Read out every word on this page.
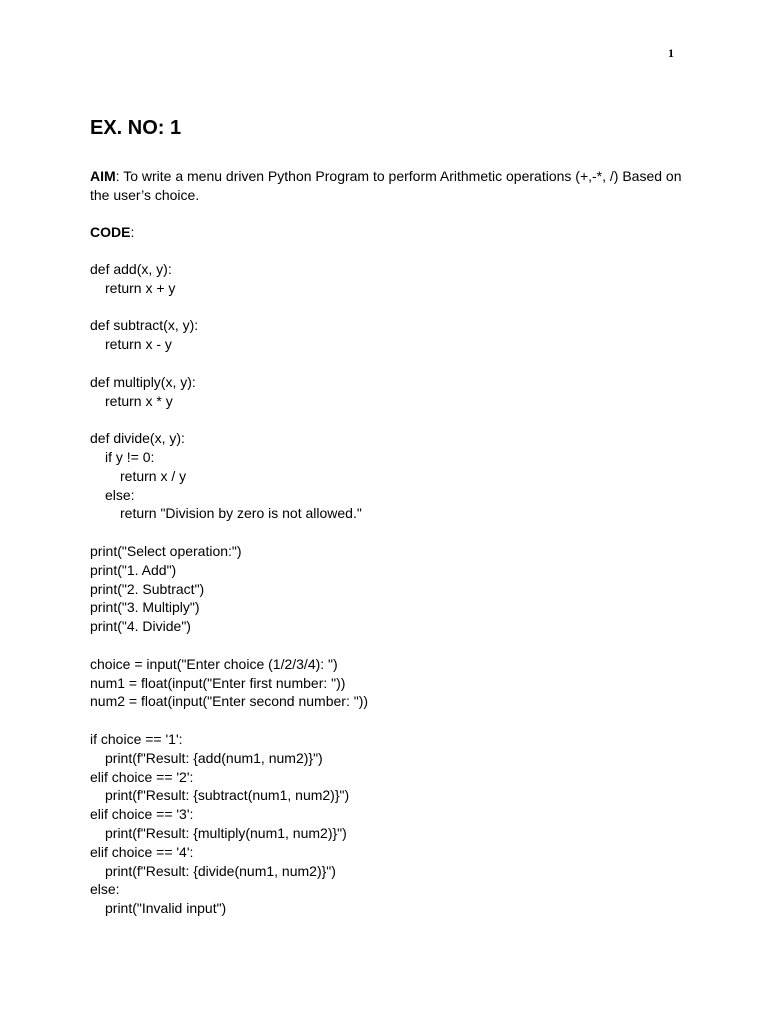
1
EX. NO: 1
AIM: To write a menu driven Python Program to perform Arithmetic operations (+,-*, /) Based on the user’s choice.
CODE:
def add(x, y):
return x + y
def subtract(x, y):
return x - y
def multiply(x, y):
return x * y
def divide(x, y):
if y != 0:
return x / y
else:
return "Division by zero is not allowed."
print("Select operation:")
print("1. Add")
print("2. Subtract")
print("3. Multiply")
print("4. Divide")
choice = input("Enter choice (1/2/3/4): ")
num1 = float(input("Enter first number: "))
num2 = float(input("Enter second number: "))
if choice == '1':
print(f"Result: {add(num1, num2)}")
elif choice == '2':
print(f"Result: {subtract(num1, num2)}")
elif choice == '3':
print(f"Result: {multiply(num1, num2)}")
elif choice == '4':
print(f"Result: {divide(num1, num2)}")
else:
print("Invalid input")
